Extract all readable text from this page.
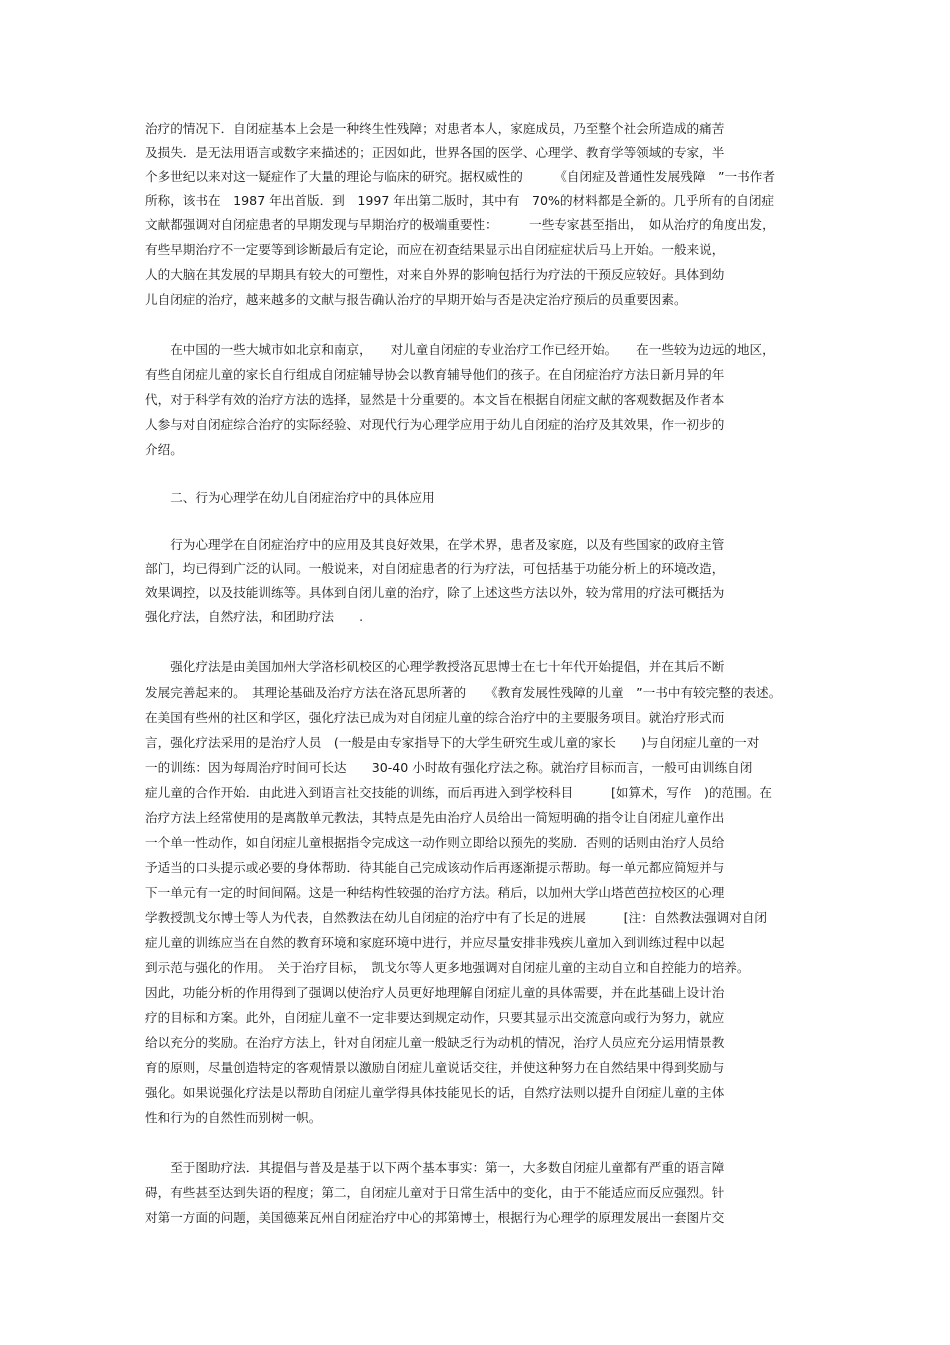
治疗的情况下．自闭症基本上会是一种终生性残障；对患者本人，家庭成员，乃至整个社会所造成的痛苦
及损失．是无法用语言或数字来描述的；正因如此，世界各国的医学、心理学、教育学等领域的专家，半
个多世纪以来对这一疑症作了大量的理论与临床的研究。据权威性的　　　《自闭症及普通性发展残障　”一书作者
所称，该书在　1987 年出首版．到　1997 年出第二版时，其中有　70%的材料都是全新的。几乎所有的自闭症
文献都强调对自闭症患者的早期发现与早期治疗的极端重要性：　　　一些专家甚至指出，　如从治疗的角度出发，
有些早期治疗不一定要等到诊断最后有定论，而应在初查结果显示出自闭症症状后马上开始。一般来说，
人的大脑在其发展的早期具有较大的可塑性，对来自外界的影响包括行为疗法的干预反应较好。具体到幼
儿自闭症的治疗，越来越多的文献与报告确认治疗的早期开始与否是决定治疗预后的员重要因素。
　　在中国的一些大城市如北京和南京，　　对儿童自闭症的专业治疗工作已经开始。　　在一些较为边远的地区，
有些自闭症儿童的家长自行组成自闭症辅导协会以教育辅导他们的孩子。在自闭症治疗方法日新月异的年
代，对于科学有效的治疗方法的选择，显然是十分重要的。本文旨在根据自闭症文献的客观数据及作者本
人参与对自闭症综合治疗的实际经验、对现代行为心理学应用于幼儿自闭症的治疗及其效果，作一初步的
介绍。
　　二、行为心理学在幼儿自闭症治疗中的具体应用
　　行为心理学在自闭症治疗中的应用及其良好效果，在学术界，患者及家庭，以及有些国家的政府主管
部门，均已得到广泛的认同。一般说来，对自闭症患者的行为疗法，可包括基于功能分析上的环境改造，
效果调控，以及技能训练等。具体到自闭儿童的治疗，除了上述这些方法以外，较为常用的疗法可概括为
强化疗法，自然疗法，和团助疗法　　.
　　强化疗法是由美国加州大学洛杉矶校区的心理学教授洛瓦思博士在七十年代开始提倡，并在其后不断
发展完善起来的。　其理论基础及治疗方法在洛瓦思所著的　　《教育发展性残障的儿童　”一书中有较完整的表述。
在美国有些州的社区和学区，强化疗法已成为对自闭症儿童的综合治疗中的主要服务项目。就治疗形式而
言，强化疗法采用的是治疗人员　(一般是由专家指导下的大学生研究生或儿童的家长　　)与自闭症儿童的一对
一的训练：因为每周治疗时间可长达　　30-40 小时故有强化疗法之称。就治疗目标而言，一般可由训练自闭
症儿童的合作开始．由此进入到语言社交技能的训练，而后再进入到学校科目　　　[如算术，写作　)的范围。在
治疗方法上经常使用的是离散单元教法，其特点是先由治疗人员给出一简短明确的指令让自闭症儿童作出
一个单一性动作，如自闭症儿童根据指令完成这一动作则立即给以预先的奖励．否则的话则由治疗人员给
予适当的口头提示或必要的身体帮助．待其能自己完成该动作后再逐渐提示帮助。每一单元都应简短并与
下一单元有一定的时间间隔。这是一种结构性较强的治疗方法。稍后，以加州大学山塔芭芭拉校区的心理
学教授凯戈尔博士等人为代表，自然教法在幼儿自闭症的治疗中有了长足的进展　　　[注：自然教法强调对自闭
症儿童的训练应当在自然的教育环境和家庭环境中进行，并应尽量安排非残疾儿童加入到训练过程中以起
到示范与强化的作用。　关于治疗目标，　凯戈尔等人更多地强调对自闭症儿童的主动自立和自控能力的培养。
因此，功能分析的作用得到了强调以使治疗人员更好地理解自闭症儿童的具体需要，并在此基础上设计治
疗的目标和方案。此外，自闭症儿童不一定非要达到规定动作，只要其显示出交流意向或行为努力，就应
给以充分的奖励。在治疗方法上，针对自闭症儿童一般缺乏行为动机的情况，治疗人员应充分运用情景教
育的原则，尽量创造特定的客观情景以激励自闭症儿童说话交往，并使这种努力在自然结果中得到奖励与
强化。如果说强化疗法是以帮助自闭症儿童学得具体技能见长的话，自然疗法则以提升自闭症儿童的主体
性和行为的自然性而别树一帜。
　　至于图助疗法．其提倡与普及是基于以下两个基本事实：第一，大多数自闭症儿童都有严重的语言障
碍，有些甚至达到失语的程度；第二，自闭症儿童对于日常生活中的变化，由于不能适应而反应强烈。针
对第一方面的问题，美国德莱瓦州自闭症治疗中心的邦第博士，根据行为心理学的原理发展出一套图片交
